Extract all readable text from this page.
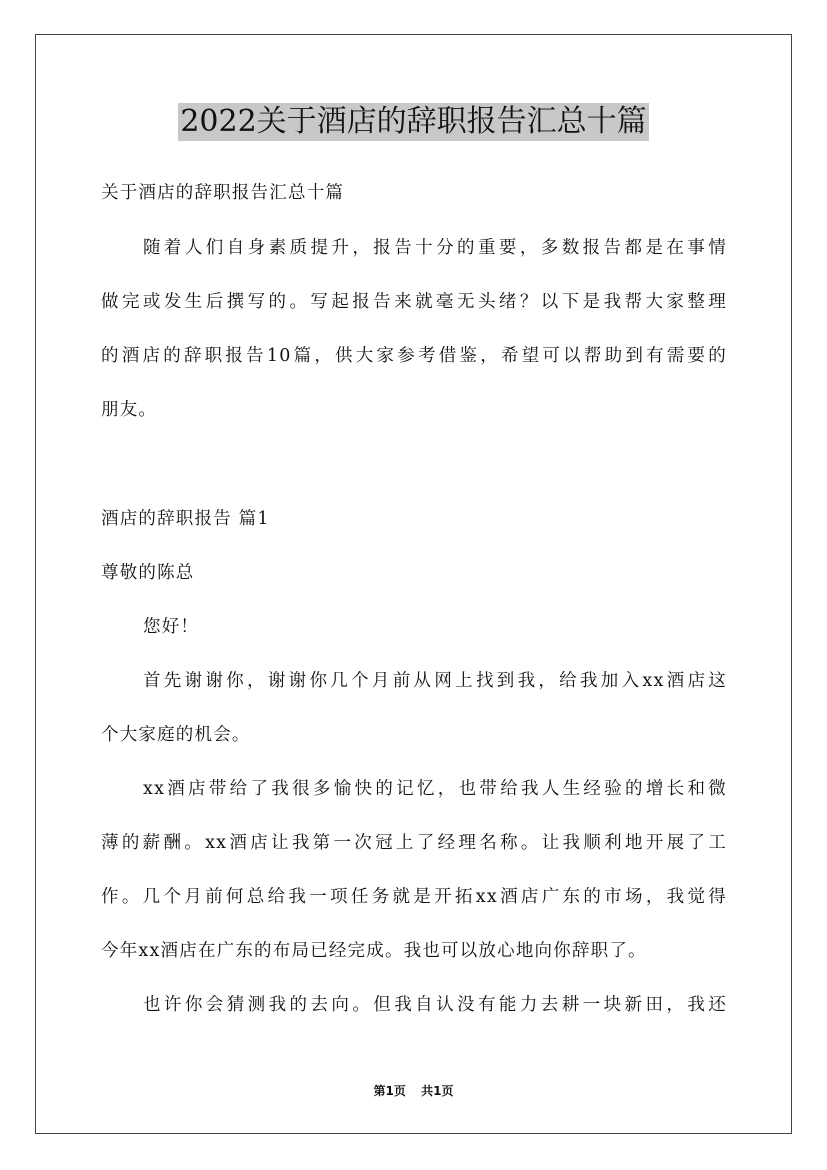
2022关于酒店的辞职报告汇总十篇
关于酒店的辞职报告汇总十篇
随着人们自身素质提升，报告十分的重要，多数报告都是在事情
做完或发生后撰写的。写起报告来就毫无头绪？以下是我帮大家整理
的酒店的辞职报告10篇，供大家参考借鉴，希望可以帮助到有需要的
朋友。
酒店的辞职报告 篇1
尊敬的陈总
您好！
首先谢谢你，谢谢你几个月前从网上找到我，给我加入xx酒店这
个大家庭的机会。
xx酒店带给了我很多愉快的记忆，也带给我人生经验的增长和微
薄的薪酬。xx酒店让我第一次冠上了经理名称。让我顺利地开展了工
作。几个月前何总给我一项任务就是开拓xx酒店广东的市场，我觉得
今年xx酒店在广东的布局已经完成。我也可以放心地向你辞职了。
也许你会猜测我的去向。但我自认没有能力去耕一块新田，我还
第1页 共1页
